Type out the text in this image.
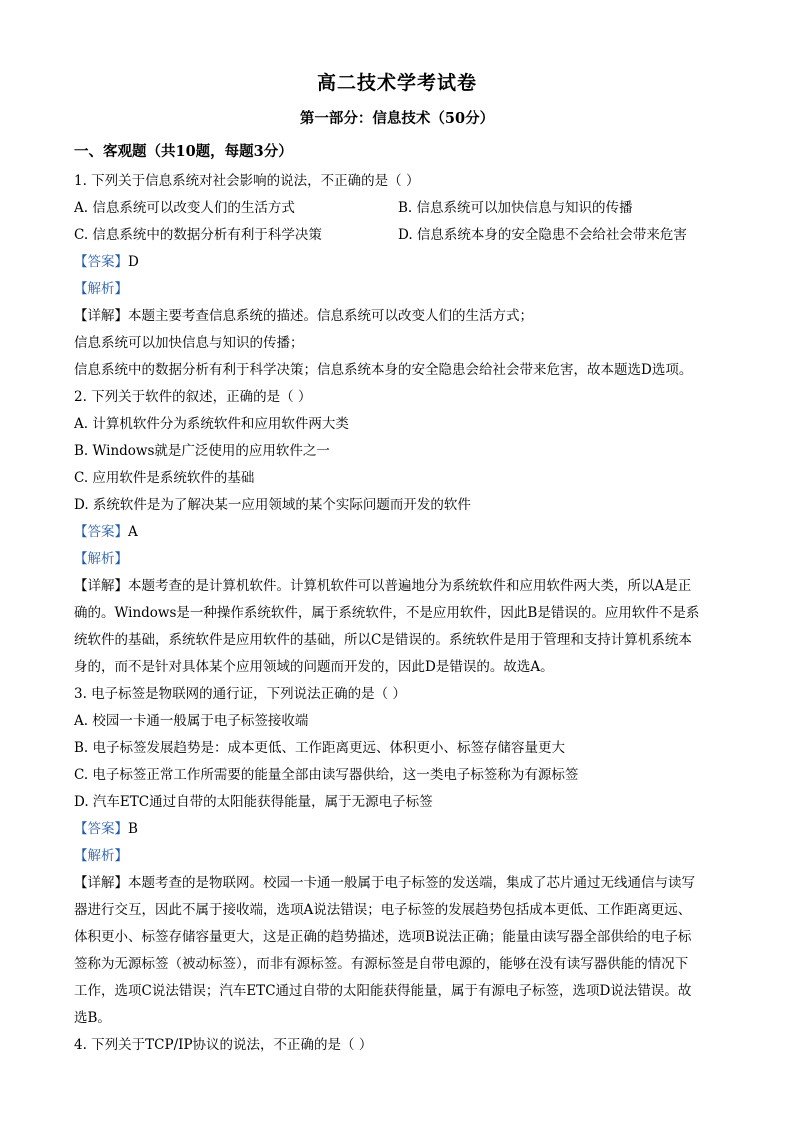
高二技术学考试卷
第一部分：信息技术（50分）
一、客观题（共10题，每题3分）
1. 下列关于信息系统对社会影响的说法，不正确的是（ ）
A. 信息系统可以改变人们的生活方式	B. 信息系统可以加快信息与知识的传播
C. 信息系统中的数据分析有利于科学决策	D. 信息系统本身的安全隐患不会给社会带来危害
【答案】D
【解析】
【详解】本题主要考查信息系统的描述。信息系统可以改变人们的生活方式；
信息系统可以加快信息与知识的传播；
信息系统中的数据分析有利于科学决策；信息系统本身的安全隐患会给社会带来危害，故本题选D选项。
2. 下列关于软件的叙述，正确的是（ ）
A. 计算机软件分为系统软件和应用软件两大类
B. Windows就是广泛使用的应用软件之一
C. 应用软件是系统软件的基础
D. 系统软件是为了解决某一应用领域的某个实际问题而开发的软件
【答案】A
【解析】
【详解】本题考查的是计算机软件。计算机软件可以普遍地分为系统软件和应用软件两大类，所以A是正
确的。Windows是一种操作系统软件，属于系统软件，不是应用软件，因此B是错误的。应用软件不是系
统软件的基础，系统软件是应用软件的基础，所以C是错误的。系统软件是用于管理和支持计算机系统本
身的，而不是针对具体某个应用领域的问题而开发的，因此D是错误的。故选A。
3. 电子标签是物联网的通行证，下列说法正确的是（ ）
A. 校园一卡通一般属于电子标签接收端
B. 电子标签发展趋势是：成本更低、工作距离更远、体积更小、标签存储容量更大
C. 电子标签正常工作所需要的能量全部由读写器供给，这一类电子标签称为有源标签
D. 汽车ETC通过自带的太阳能获得能量，属于无源电子标签
【答案】B
【解析】
【详解】本题考查的是物联网。校园一卡通一般属于电子标签的发送端，集成了芯片通过无线通信与读写
器进行交互，因此不属于接收端，选项A说法错误；电子标签的发展趋势包括成本更低、工作距离更远、
体积更小、标签存储容量更大，这是正确的趋势描述，选项B说法正确；能量由读写器全部供给的电子标
签称为无源标签（被动标签），而非有源标签。有源标签是自带电源的，能够在没有读写器供能的情况下
工作，选项C说法错误；汽车ETC通过自带的太阳能获得能量，属于有源电子标签，选项D说法错误。故
选B。
4. 下列关于TCP/IP协议的说法，不正确的是（ ）
